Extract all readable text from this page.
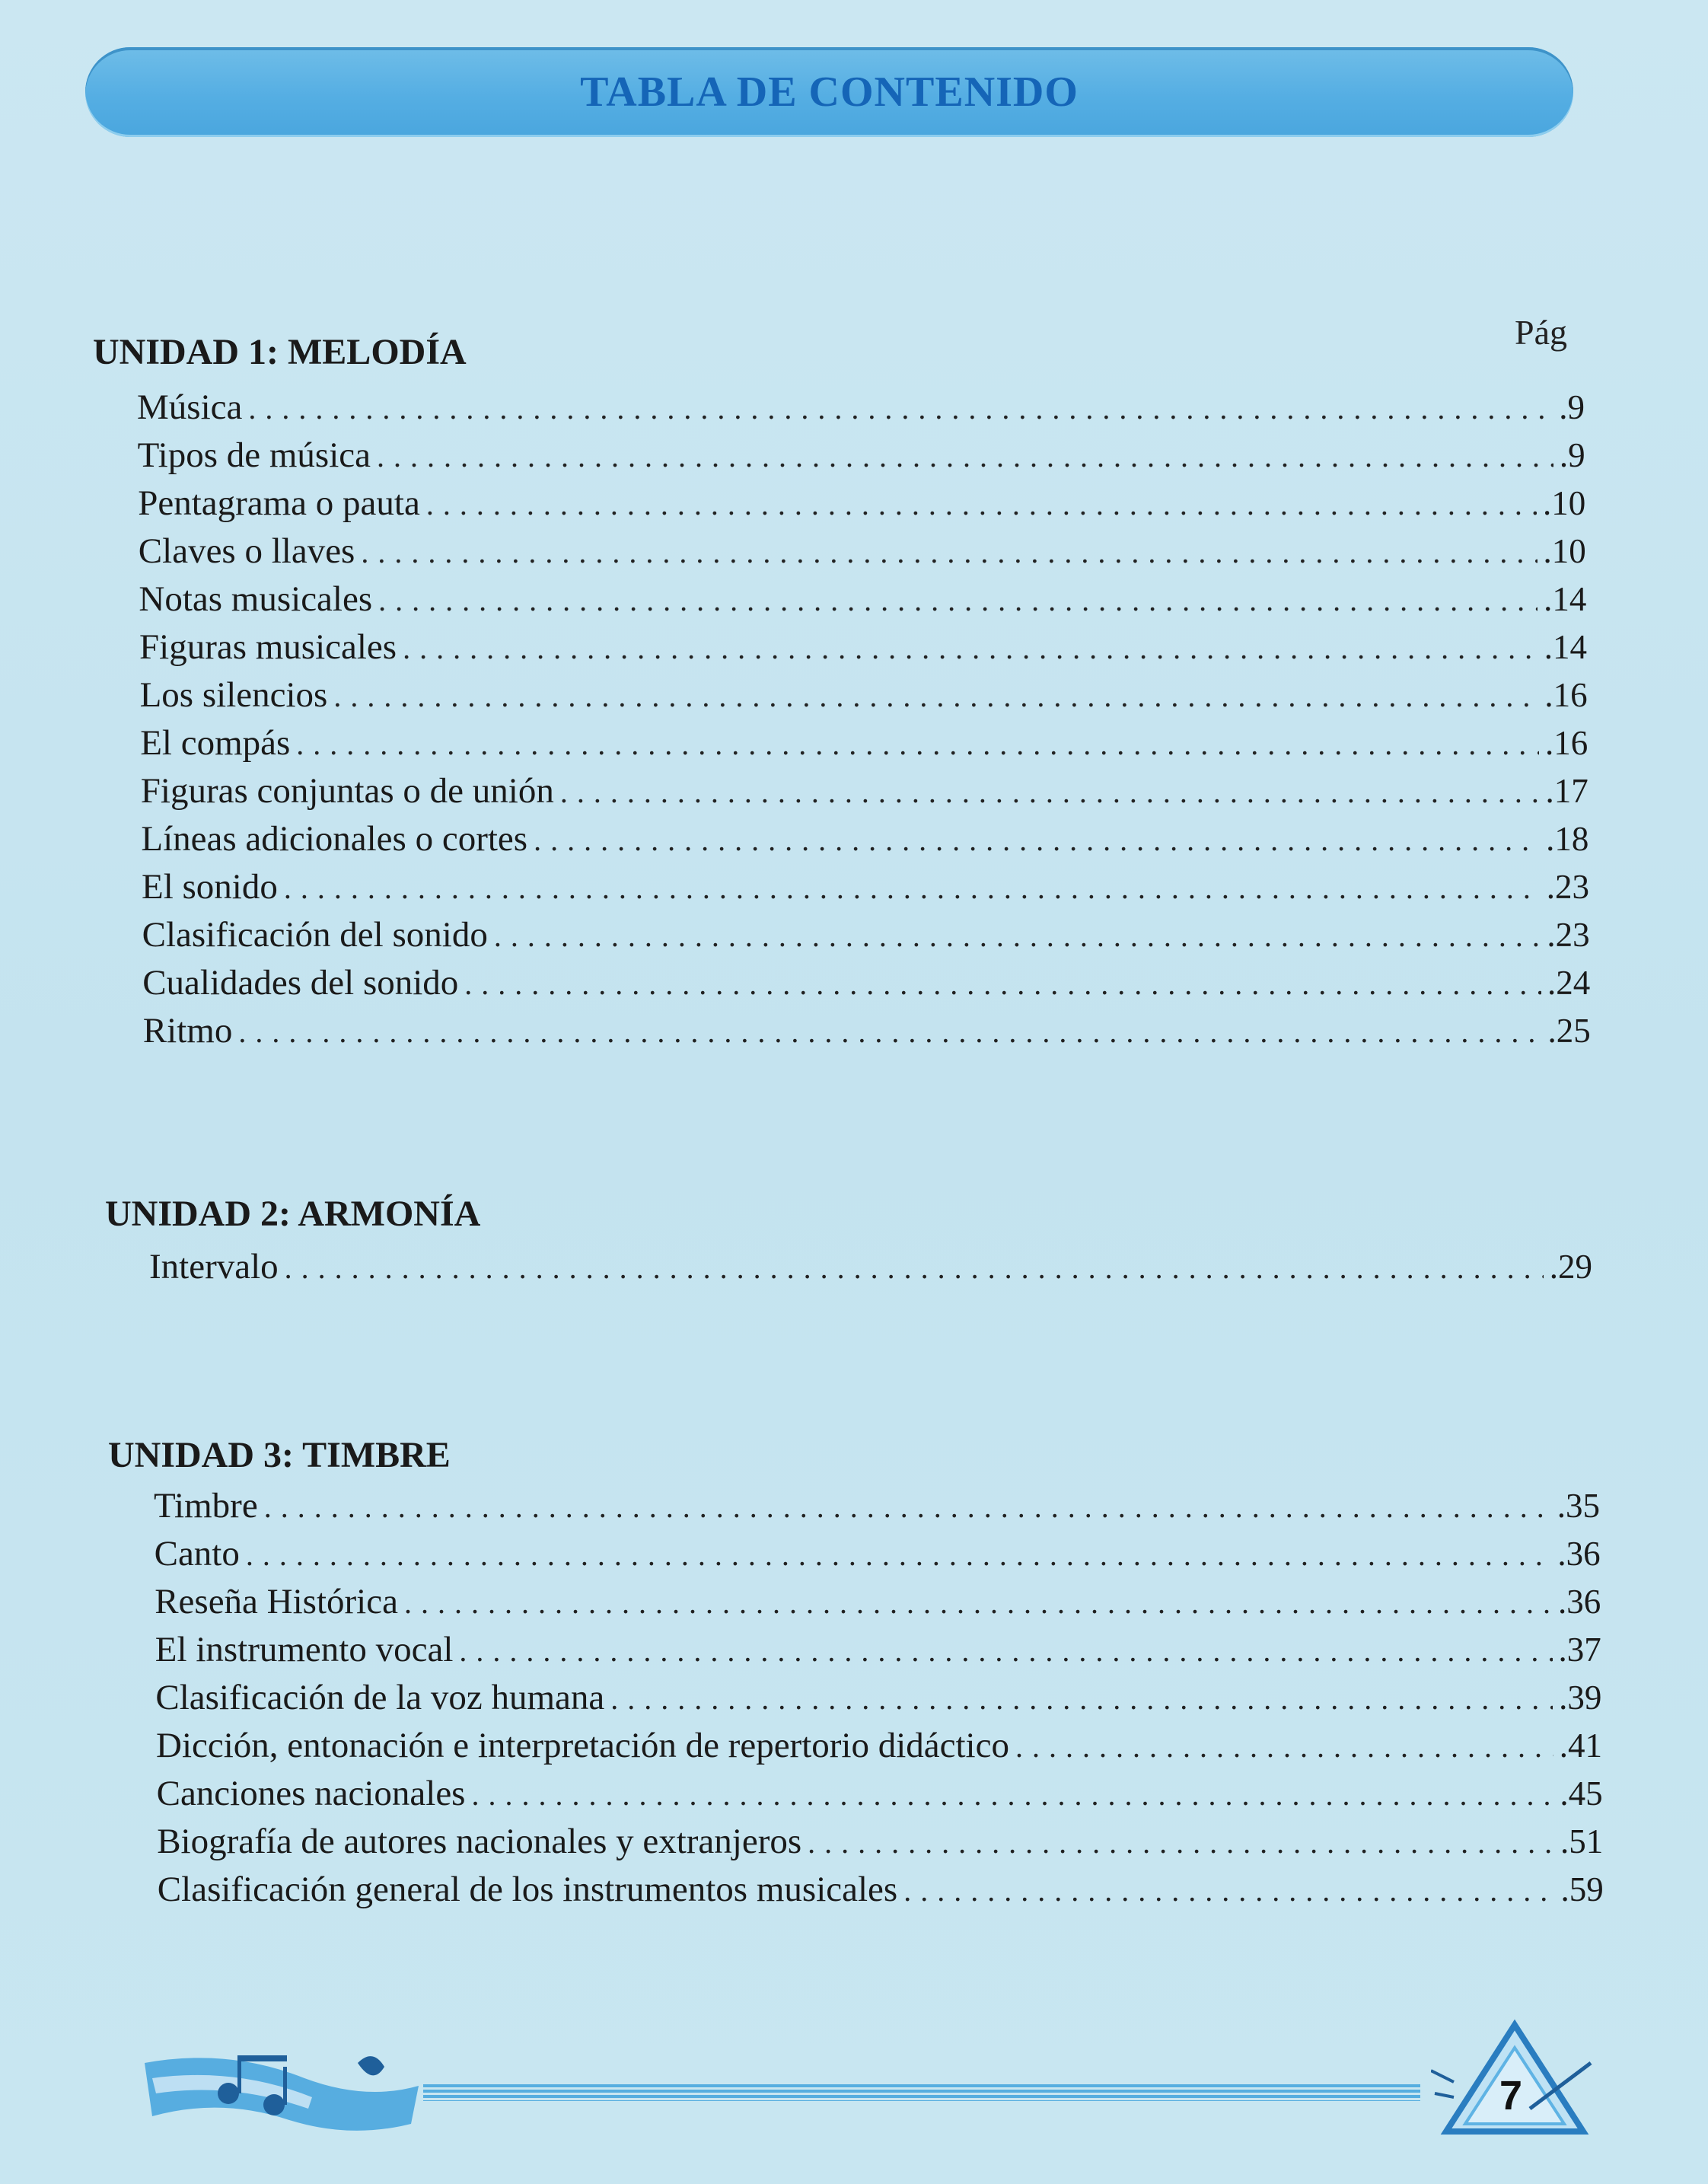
TABLA DE CONTENIDO
Pág
UNIDAD 1: MELODÍA
Música .....	.9
Tipos de música .....	.9
Pentagrama o pauta .....	.10
Claves o llaves .....	.10
Notas musicales .....	.14
Figuras musicales .....	.14
Los silencios .....	.16
El compás .....	.16
Figuras conjuntas o de unión .....	.17
Líneas adicionales o cortes .....	.18
El sonido .....	.23
Clasificación del sonido .....	.23
Cualidades del sonido .....	.24
Ritmo .....	.25
UNIDAD 2: ARMONÍA
Intervalo .....	.29
UNIDAD 3: TIMBRE
Timbre .....	.35
Canto .....	.36
Reseña Histórica .....	.36
El instrumento vocal .....	.37
Clasificación de la voz humana .....	.39
Dicción, entonación e interpretación de repertorio didáctico .....	.41
Canciones nacionales .....	.45
Biografía de autores nacionales y extranjeros .....	.51
Clasificación general de los instrumentos musicales .....	.59
7
